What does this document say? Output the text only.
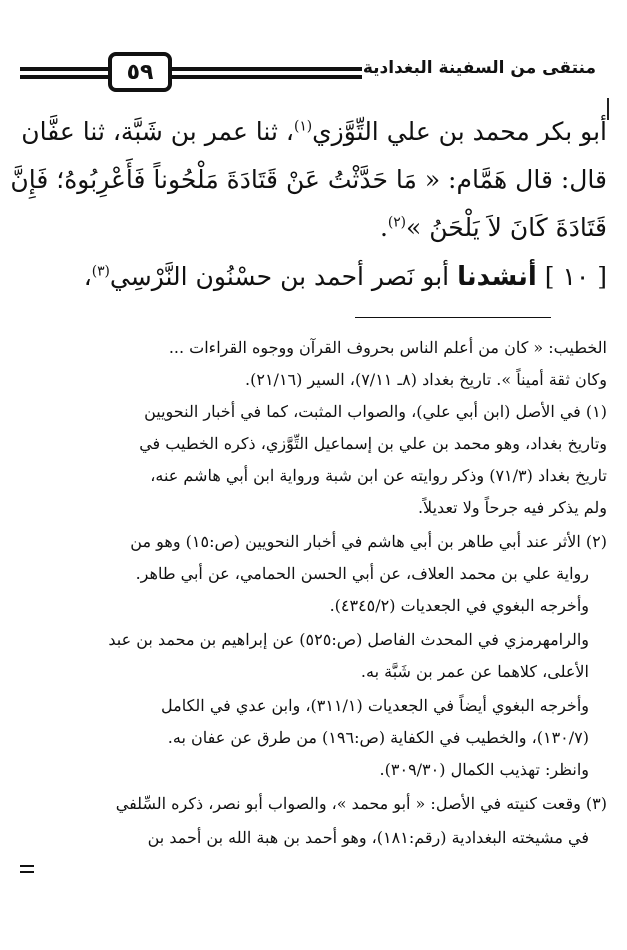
٥٩	منتقى من السفينة البغدادية
أبو بكر محمد بن علي التِّوَّزي$^{(١)}$، ثنا عمر بن شَبَّة، ثنا عفَّان
قال: قال هَمَّام: « مَا حَدَّثْتُ عَنْ قَتَادَةَ مَلْحُوناً فَأَعْرِبُوهُ؛ فَإِنَّ
قَتَادَةَ كَانَ لاَ يَلْحَنُ »$^{(٢)}$.
[ ١٠ ] أنشدنا أبو نَصر أحمد بن حسْنُون النَّرْسِي$^{(٣)}$،
الخطيب: « كان من أعلم الناس بحروف القرآن ووجوه القراءات ...
وكان ثقة أميناً ». تاريخ بغداد (٨ـ ٧/١١)، السير (٢١/١٦).
(١) في الأصل (ابن أبي علي)، والصواب المثبت، كما في أخبار النحويين
وتاريخ بغداد، وهو محمد بن علي بن إسماعيل التِّوَّزي، ذكره الخطيب في
تاريخ بغداد (٧١/٣) وذكر روايته عن ابن شبة ورواية ابن أبي هاشم عنه،
ولم يذكر فيه جرحاً ولا تعديلاً.
(٢) الأثر عند أبي طاهر بن أبي هاشم في أخبار النحويين (ص:١٥) وهو من
رواية علي بن محمد العلاف، عن أبي الحسن الحمامي، عن أبي طاهر.
وأخرجه البغوي في الجعديات (٤٣٤٥/٢).
والرامهرمزي في المحدث الفاصل (ص:٥٢٥) عن إبراهيم بن محمد بن عبد
الأعلى، كلاهما عن عمر بن شَبَّة به.
وأخرجه البغوي أيضاً في الجعديات (٣١١/١)، وابن عدي في الكامل
(١٣٠/٧)، والخطيب في الكفاية (ص:١٩٦) من طرق عن عفان به.
وانظر: تهذيب الكمال (٣٠٩/٣٠).
(٣) وقعت كنيته في الأصل: « أبو محمد »، والصواب أبو نصر، ذكره السِّلفي
في مشيخته البغدادية (رقم:١٨١)، وهو أحمد بن هبة الله بن أحمد بن
